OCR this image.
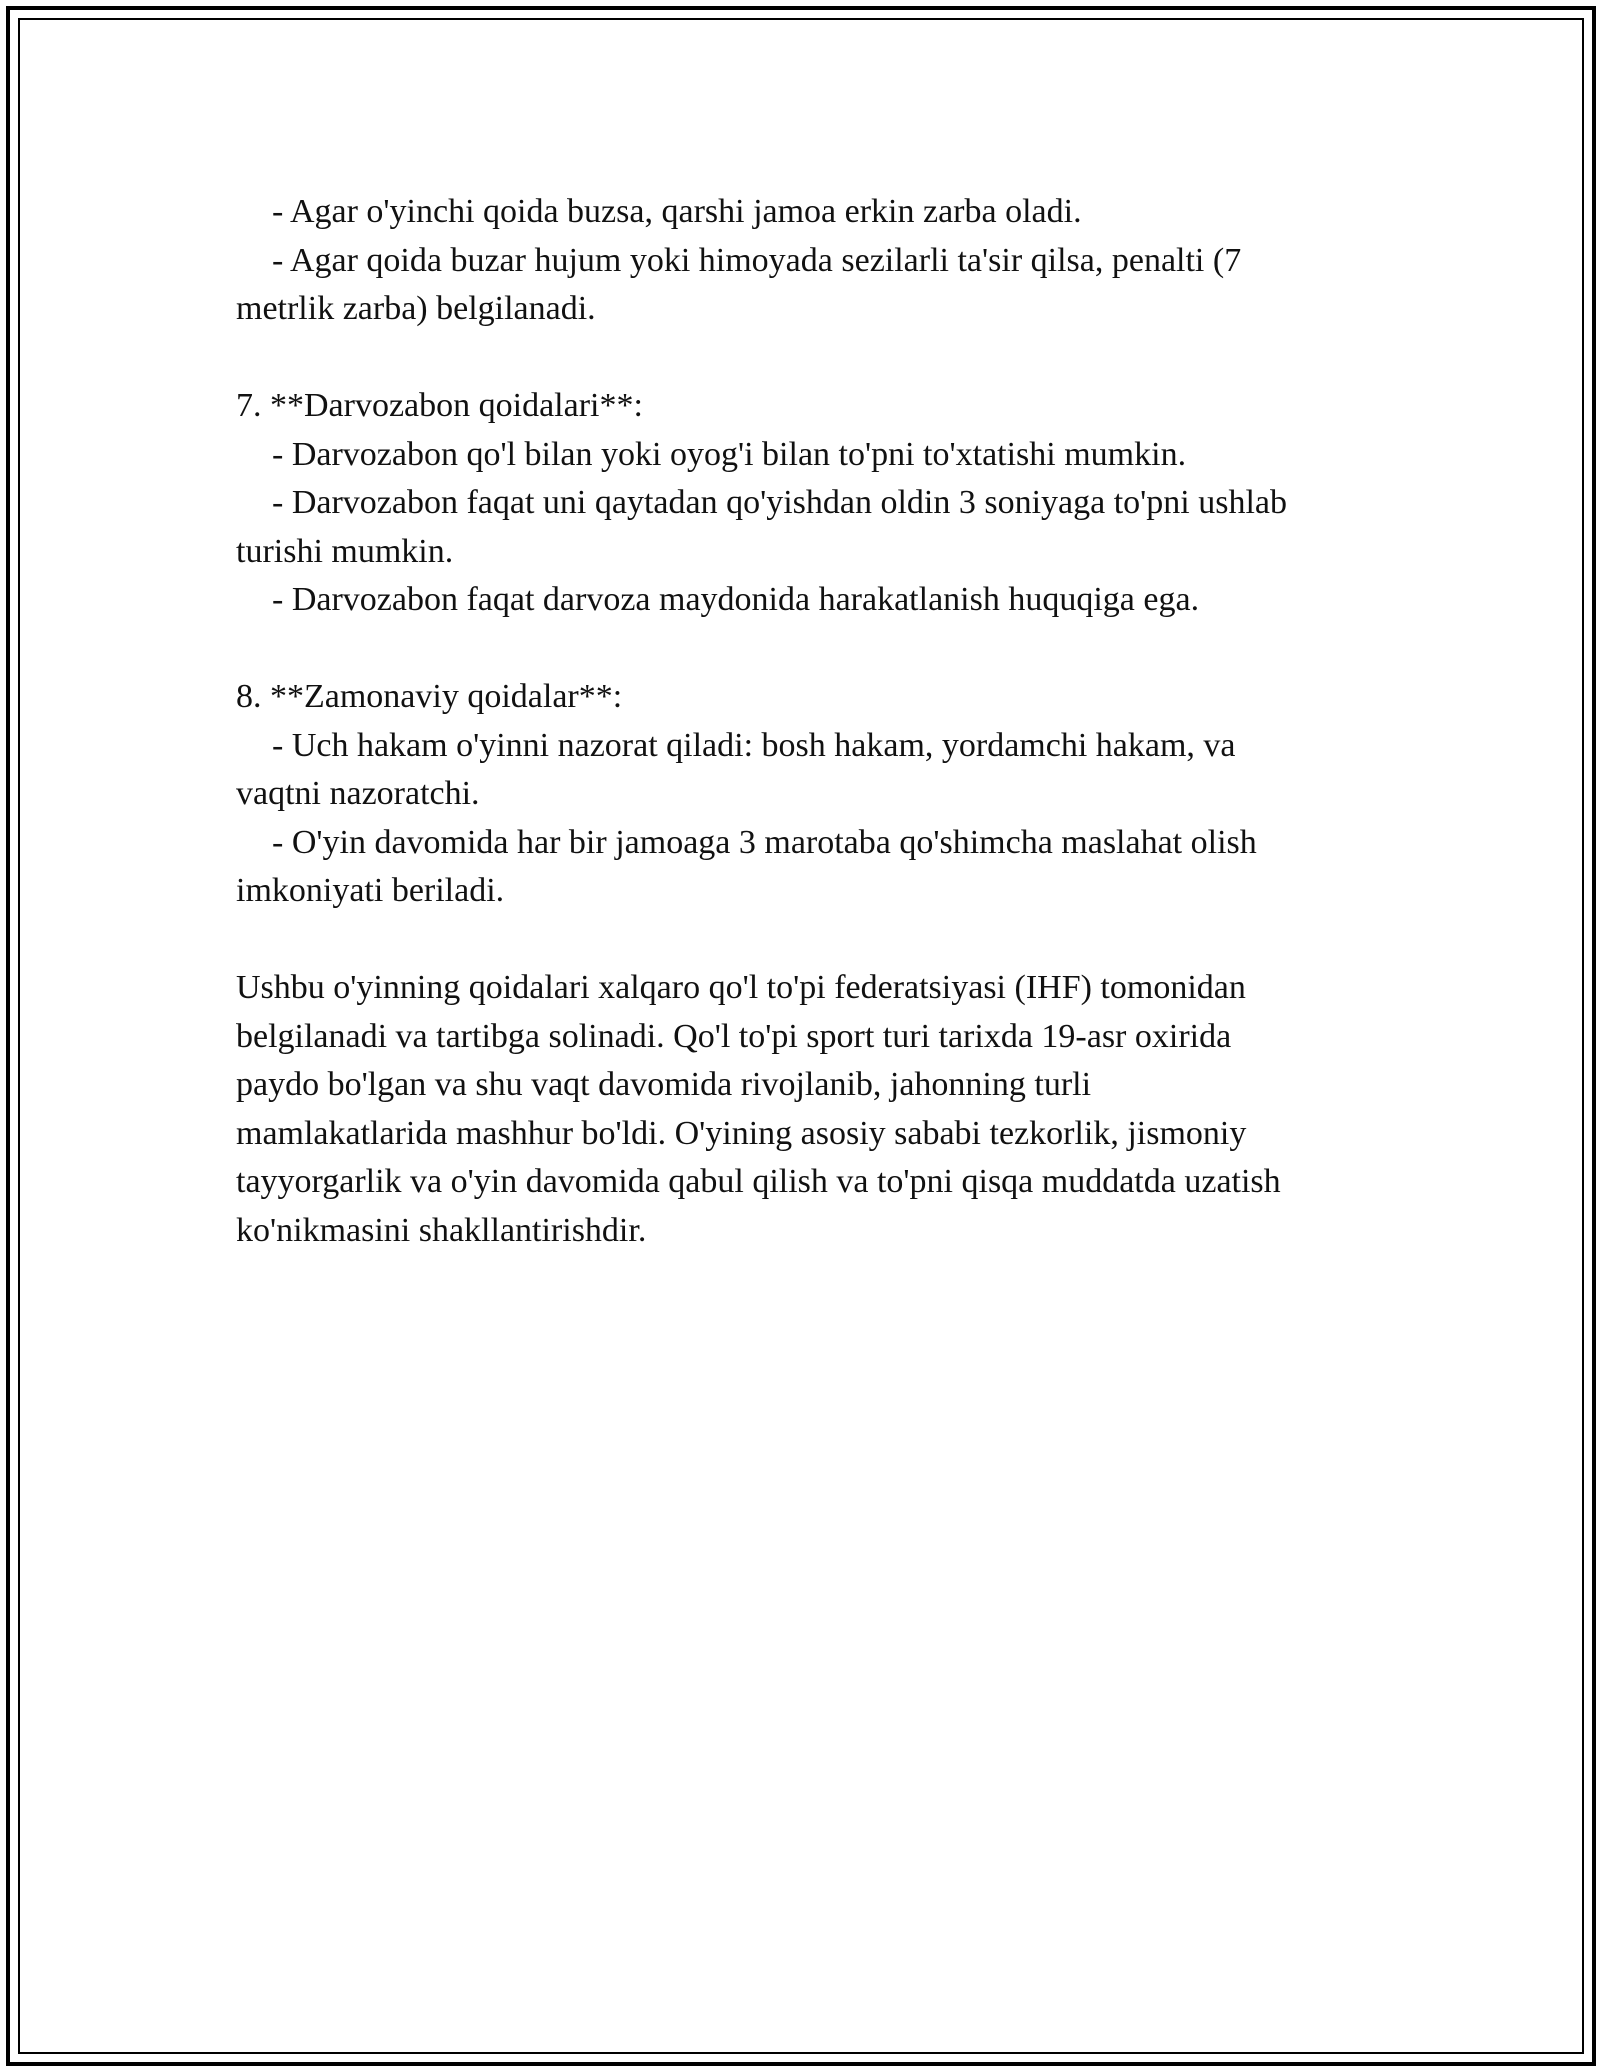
- Agar o'yinchi qoida buzsa, qarshi jamoa erkin zarba oladi.

- Agar qoida buzar hujum yoki himoyada sezilarli ta'sir qilsa, penalti (7

metrlik zarba) belgilanadi.

7. **Darvozabon qoidalari**:

- Darvozabon qo'l bilan yoki oyog'i bilan to'pni to'xtatishi mumkin.

- Darvozabon faqat uni qaytadan qo'yishdan oldin 3 soniyaga to'pni ushlab

turishi mumkin.

- Darvozabon faqat darvoza maydonida harakatlanish huquqiga ega.

8. **Zamonaviy qoidalar**:

- Uch hakam o'yinni nazorat qiladi: bosh hakam, yordamchi hakam, va

vaqtni nazoratchi.

- O'yin davomida har bir jamoaga 3 marotaba qo'shimcha maslahat olish

imkoniyati beriladi.

Ushbu o'yinning qoidalari xalqaro qo'l to'pi federatsiyasi (IHF) tomonidan

belgilanadi va tartibga solinadi. Qo'l to'pi sport turi tarixda 19-asr oxirida

paydo bo'lgan va shu vaqt davomida rivojlanib, jahonning turli

mamlakatlarida mashhur bo'ldi. O'yining asosiy sababi tezkorlik, jismoniy

tayyorgarlik va o'yin davomida qabul qilish va to'pni qisqa muddatda uzatish

ko'nikmasini shakllantirishdir.
